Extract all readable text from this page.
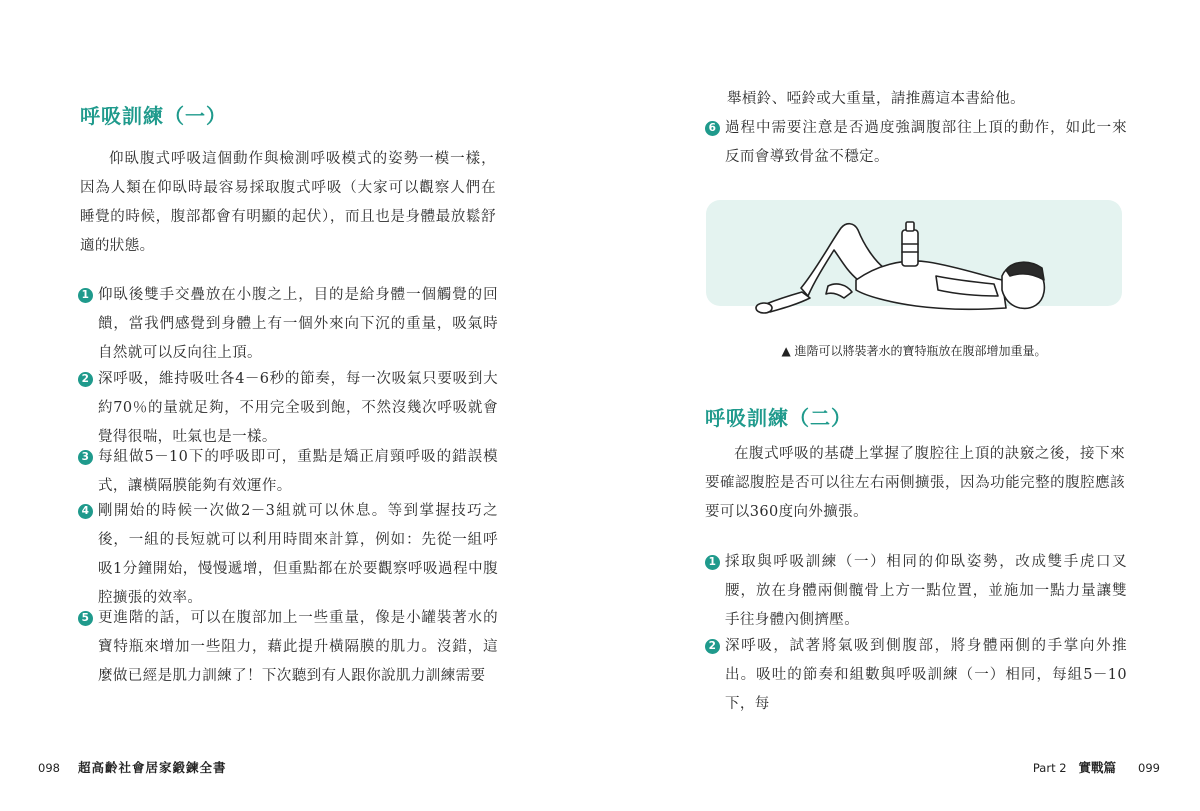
呼吸訓練（一）

仰臥腹式呼吸這個動作與檢測呼吸模式的姿勢一模一樣，因為人類在仰臥時最容易採取腹式呼吸（大家可以觀察人們在睡覺的時候，腹部都會有明顯的起伏），而且也是身體最放鬆舒適的狀態。

1 仰臥後雙手交疊放在小腹之上，目的是給身體一個觸覺的回饋，當我們感覺到身體上有一個外來向下沉的重量，吸氣時自然就可以反向往上頂。
2 深呼吸，維持吸吐各4－6秒的節奏，每一次吸氣只要吸到大約70％的量就足夠，不用完全吸到飽，不然沒幾次呼吸就會覺得很喘，吐氣也是一樣。
3 每組做5－10下的呼吸即可，重點是矯正肩頸呼吸的錯誤模式，讓橫隔膜能夠有效運作。
4 剛開始的時候一次做2－3組就可以休息。等到掌握技巧之後，一組的長短就可以利用時間來計算，例如：先從一組呼吸1分鐘開始，慢慢遞增，但重點都在於要觀察呼吸過程中腹腔擴張的效率。
5 更進階的話，可以在腹部加上一些重量，像是小罐裝著水的寶特瓶來增加一些阻力，藉此提升橫隔膜的肌力。沒錯，這麼做已經是肌力訓練了！下次聽到有人跟你說肌力訓練需要
098 超高齡社會居家鍛鍊全書
舉槓鈴、啞鈴或大重量，請推薦這本書給他。
6 過程中需要注意是否過度強調腹部往上頂的動作，如此一來反而會導致骨盆不穩定。
▲ 進階可以將裝著水的寶特瓶放在腹部增加重量。
呼吸訓練（二）

在腹式呼吸的基礎上掌握了腹腔往上頂的訣竅之後，接下來要確認腹腔是否可以往左右兩側擴張，因為功能完整的腹腔應該要可以360度向外擴張。

1 採取與呼吸訓練（一）相同的仰臥姿勢，改成雙手虎口叉腰，放在身體兩側髖骨上方一點位置，並施加一點力量讓雙手往身體內側擠壓。
2 深呼吸，試著將氣吸到側腹部，將身體兩側的手掌向外推出。吸吐的節奏和組數與呼吸訓練（一）相同，每組5－10下，每
Part 2 實戰篇 099
